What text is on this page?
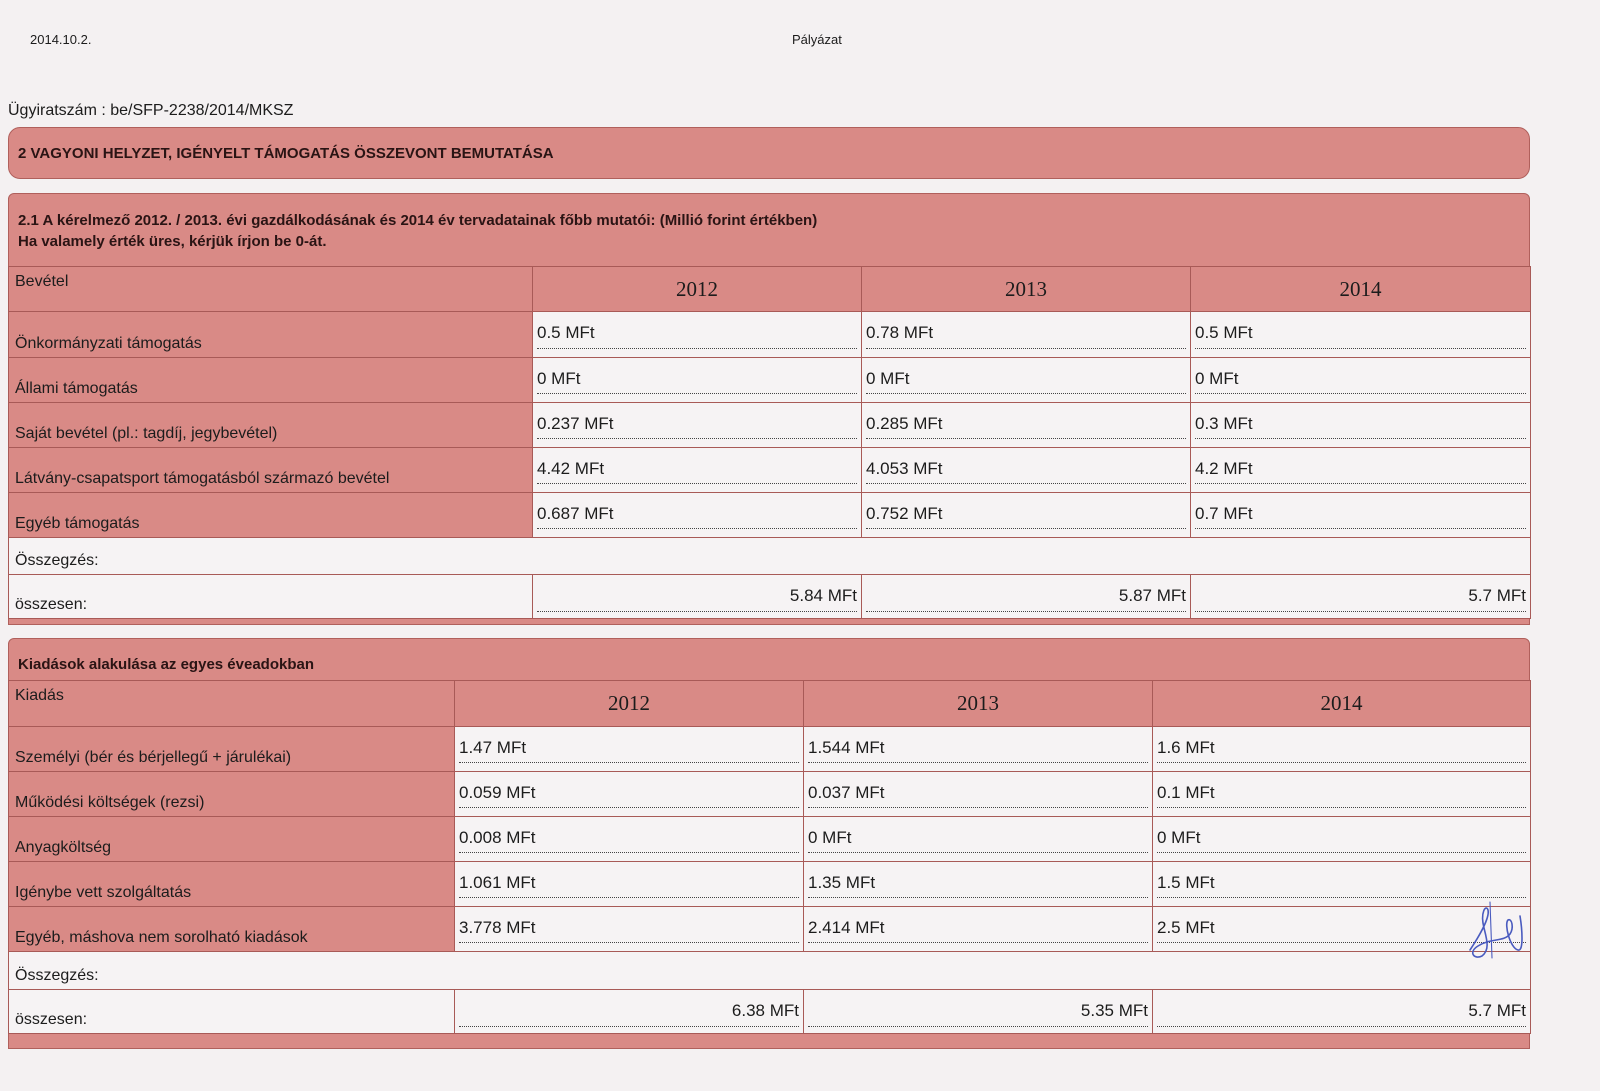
2014.10.2.	Pályázat
Ügyiratszám : be/SFP-2238/2014/MKSZ
2 VAGYONI HELYZET, IGÉNYELT TÁMOGATÁS ÖSSZEVONT BEMUTATÁSA
2.1 A kérelmező 2012. / 2013. évi gazdálkodásának és 2014 év tervadatainak főbb mutatói: (Millió forint értékben)
Ha valamely érték üres, kérjük írjon be 0-át.
Bevétel	2012	2013	2014

Önkormányzati támogatás	0.5 MFt	0.78 MFt	0.5 MFt

Állami támogatás	0 MFt	0 MFt	0 MFt

Saját bevétel (pl.: tagdíj, jegybevétel)	0.237 MFt	0.285 MFt	0.3 MFt

Látvány-csapatsport támogatásból származó bevétel	4.42 MFt	4.053 MFt	4.2 MFt

Egyéb támogatás	0.687 MFt	0.752 MFt	0.7 MFt

Összegzés:			

összesen:	5.84 MFt	5.87 MFt	5.7 MFt
Kiadások alakulása az egyes éveadokban
Kiadás	2012	2013	2014

Személyi (bér és bérjellegű + járulékai)	1.47 MFt	1.544 MFt	1.6 MFt

Működési költségek (rezsi)	0.059 MFt	0.037 MFt	0.1 MFt

Anyagköltség	0.008 MFt	0 MFt	0 MFt

Igénybe vett szolgáltatás	1.061 MFt	1.35 MFt	1.5 MFt

Egyéb, máshova nem sorolható kiadások	3.778 MFt	2.414 MFt	2.5 MFt

Összegzés:			

összesen:	6.38 MFt	5.35 MFt	5.7 MFt
